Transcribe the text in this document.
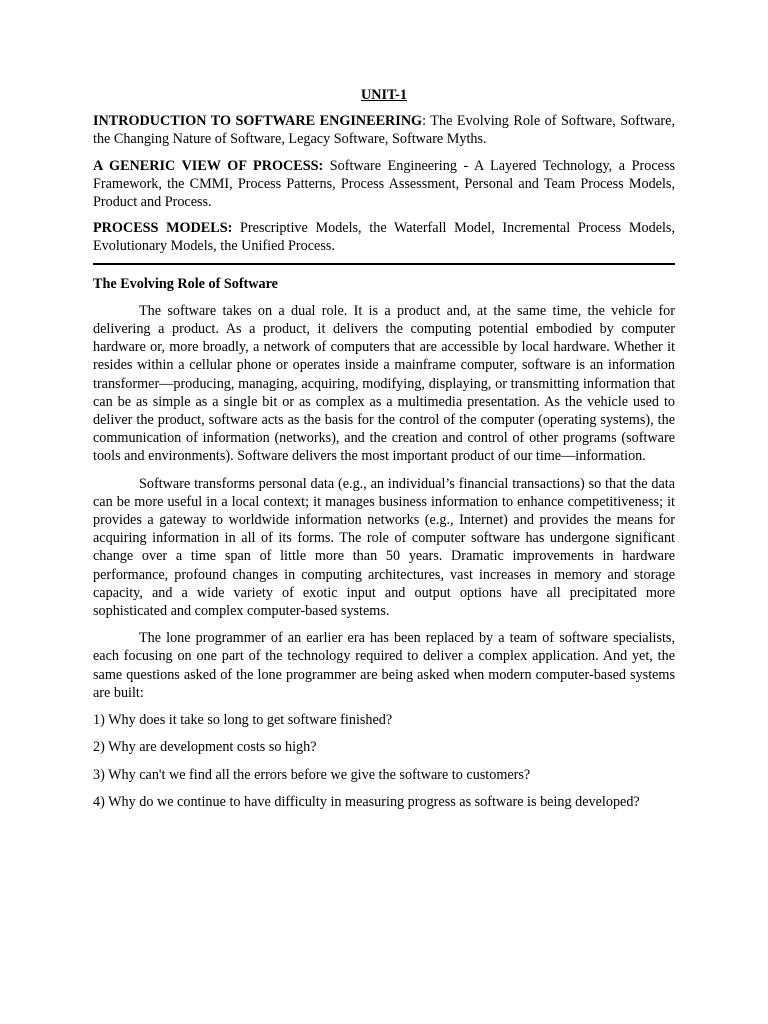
UNIT-1

INTRODUCTION TO SOFTWARE ENGINEERING: The Evolving Role of Software, Software, the Changing Nature of Software, Legacy Software, Software Myths.

A GENERIC VIEW OF PROCESS: Software Engineering - A Layered Technology, a Process Framework, the CMMI, Process Patterns, Process Assessment, Personal and Team Process Models, Product and Process.

PROCESS MODELS: Prescriptive Models, the Waterfall Model, Incremental Process Models, Evolutionary Models, the Unified Process.

The Evolving Role of Software

The software takes on a dual role. It is a product and, at the same time, the vehicle for delivering a product. As a product, it delivers the computing potential embodied by computer hardware or, more broadly, a network of computers that are accessible by local hardware. Whether it resides within a cellular phone or operates inside a mainframe computer, software is an information transformer—producing, managing, acquiring, modifying, displaying, or transmitting information that can be as simple as a single bit or as complex as a multimedia presentation. As the vehicle used to deliver the product, software acts as the basis for the control of the computer (operating systems), the communication of information (networks), and the creation and control of other programs (software tools and environments). Software delivers the most important product of our time—information.

Software transforms personal data (e.g., an individual’s financial transactions) so that the data can be more useful in a local context; it manages business information to enhance competitiveness; it provides a gateway to worldwide information networks (e.g., Internet) and provides the means for acquiring information in all of its forms. The role of computer software has undergone significant change over a time span of little more than 50 years. Dramatic improvements in hardware performance, profound changes in computing architectures, vast increases in memory and storage capacity, and a wide variety of exotic input and output options have all precipitated more sophisticated and complex computer-based systems.

The lone programmer of an earlier era has been replaced by a team of software specialists, each focusing on one part of the technology required to deliver a complex application. And yet, the same questions asked of the lone programmer are being asked when modern computer-based systems are built:

1) Why does it take so long to get software finished?

2) Why are development costs so high?

3) Why can't we find all the errors before we give the software to customers?

4) Why do we continue to have difficulty in measuring progress as software is being developed?
